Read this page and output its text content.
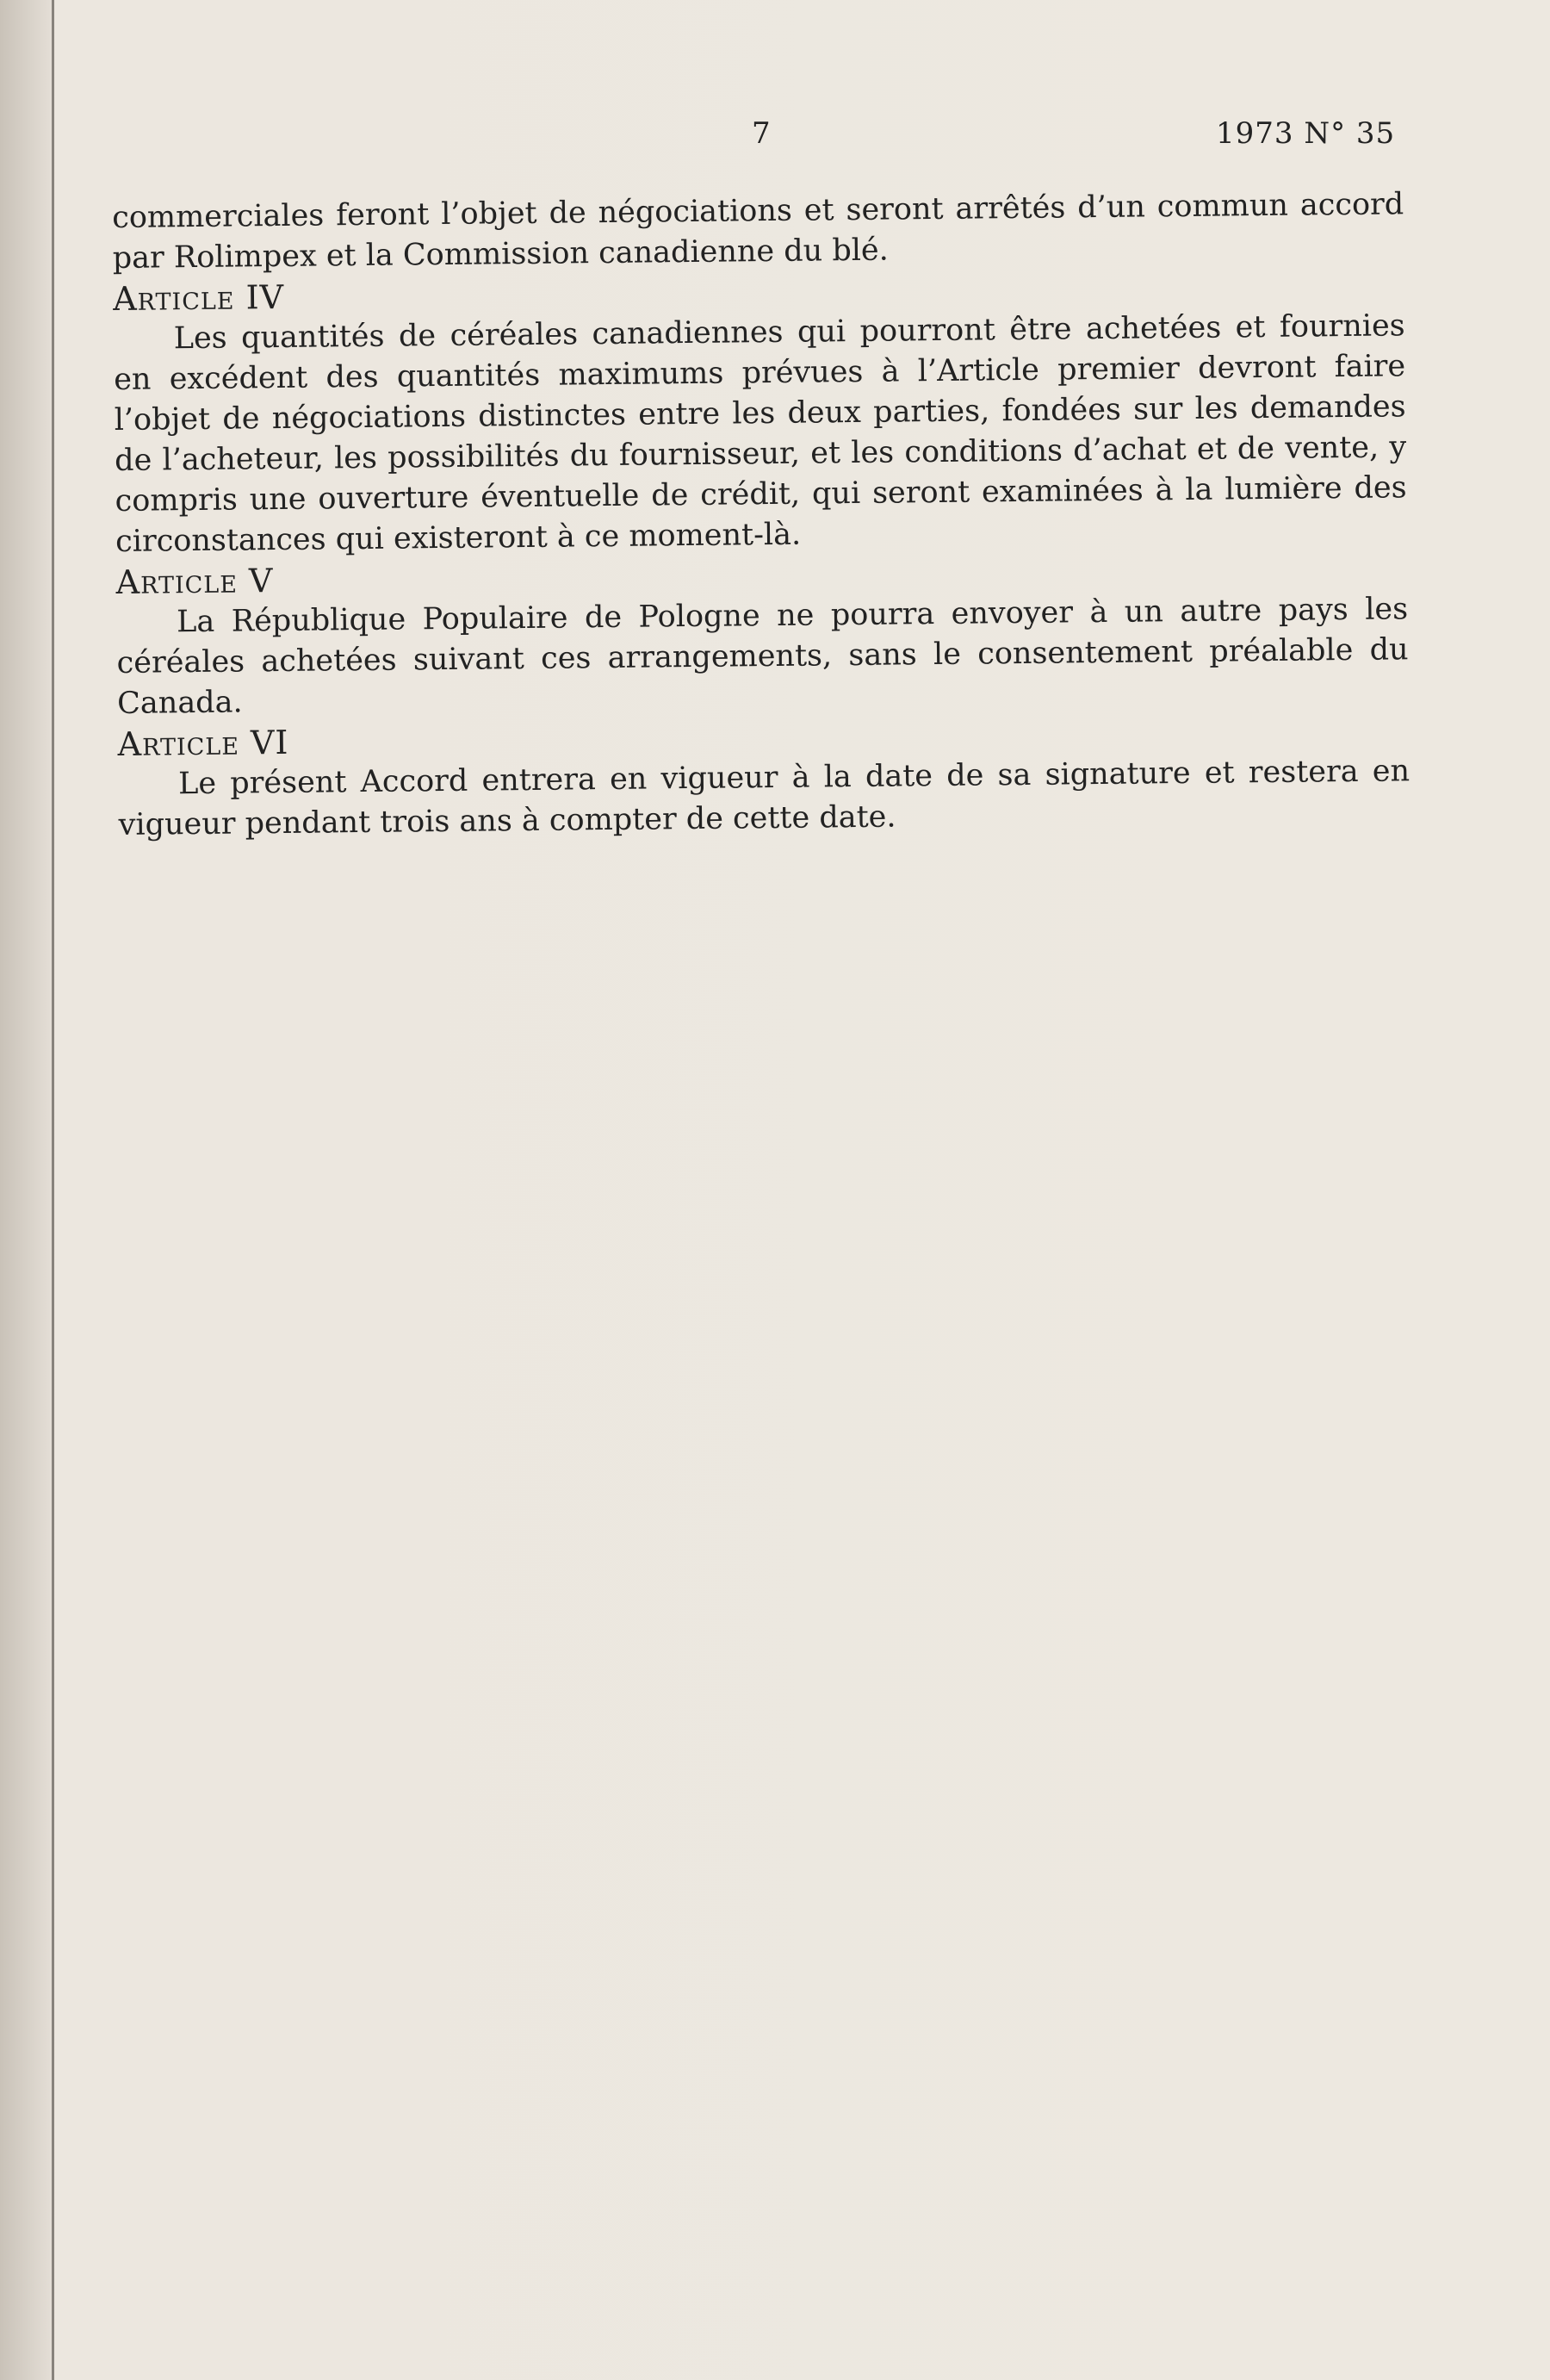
7	1973 N° 35

commerciales feront l’objet de négociations et seront arrêtés d’un commun accord par Rolimpex et la Commission canadienne du blé.

Article IV

Les quantités de céréales canadiennes qui pourront être achetées et fournies en excédent des quantités maximums prévues à l’Article premier devront faire l’objet de négociations distinctes entre les deux parties, fondées sur les demandes de l’acheteur, les possibilités du fournisseur, et les conditions d’achat et de vente, y compris une ouverture éventuelle de crédit, qui seront examinées à la lumière des circonstances qui existeront à ce moment-là.

Article V

La République Populaire de Pologne ne pourra envoyer à un autre pays les céréales achetées suivant ces arrangements, sans le consentement préalable du Canada.

Article VI

Le présent Accord entrera en vigueur à la date de sa signature et restera en vigueur pendant trois ans à compter de cette date.
